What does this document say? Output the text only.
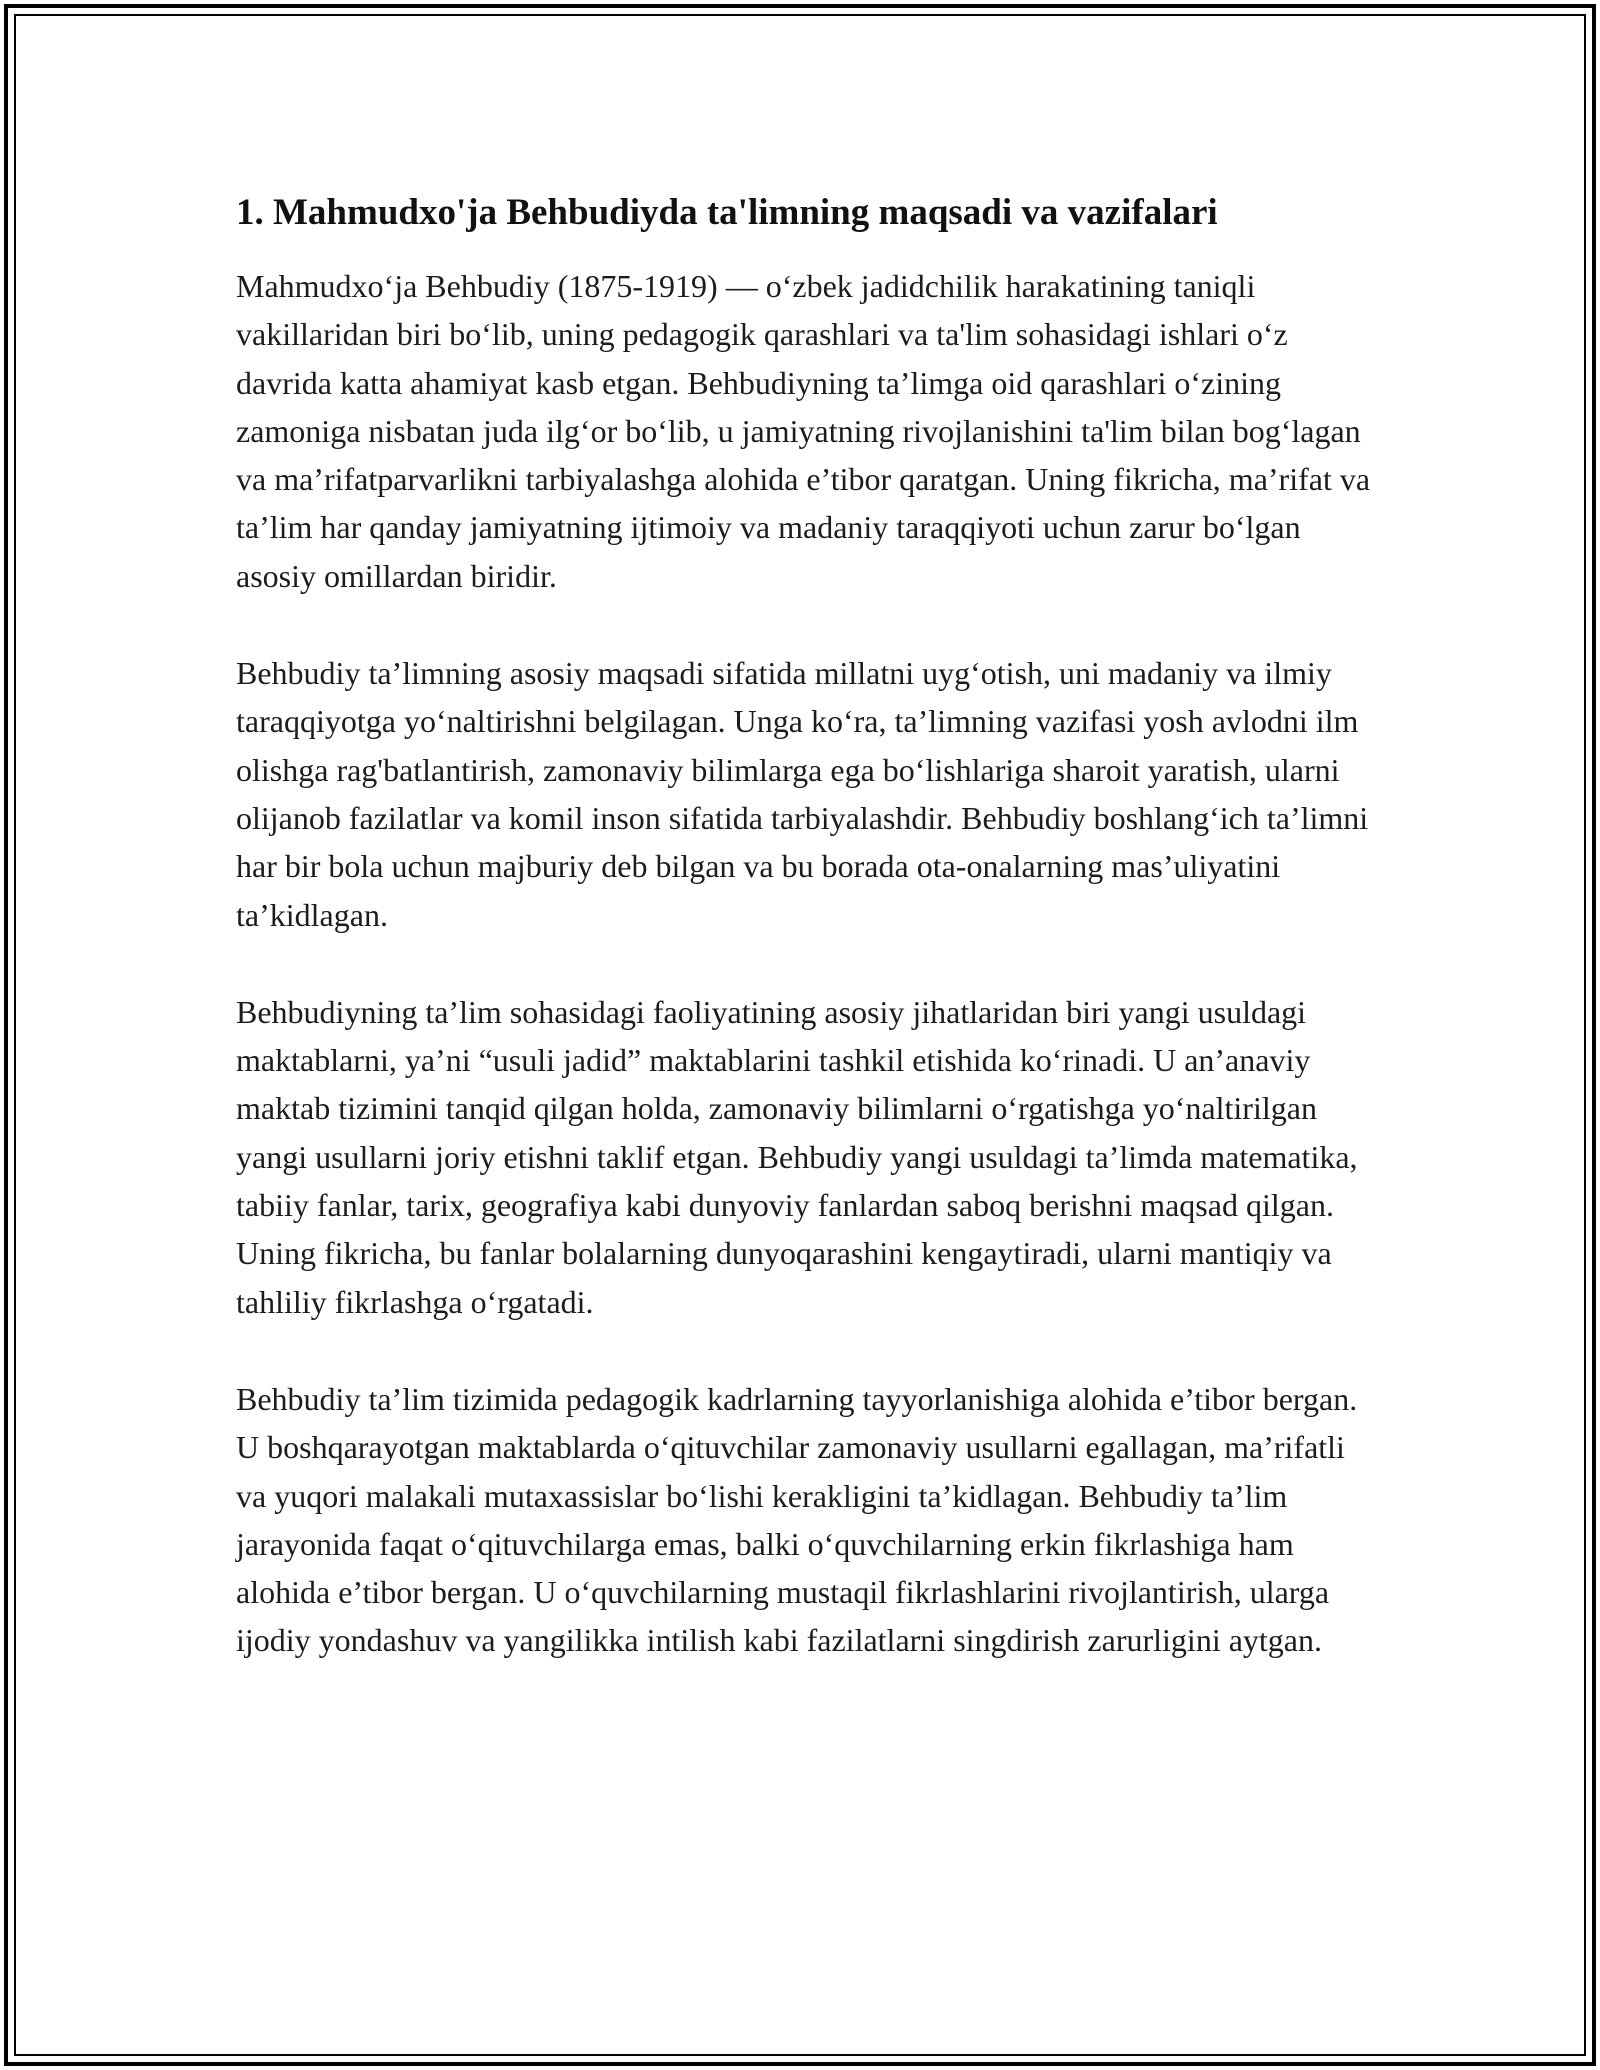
1. Mahmudxo'ja Behbudiyda ta'limning maqsadi va vazifalari

Mahmudxo‘ja Behbudiy (1875-1919) — o‘zbek jadidchilik harakatining taniqli vakillaridan biri bo‘lib, uning pedagogik qarashlari va ta'lim sohasidagi ishlari o‘z davrida katta ahamiyat kasb etgan. Behbudiyning ta’limga oid qarashlari o‘zining zamoniga nisbatan juda ilg‘or bo‘lib, u jamiyatning rivojlanishini ta'lim bilan bog‘lagan va ma’rifatparvarlikni tarbiyalashga alohida e’tibor qaratgan. Uning fikricha, ma’rifat va ta’lim har qanday jamiyatning ijtimoiy va madaniy taraqqiyoti uchun zarur bo‘lgan asosiy omillardan biridir.

Behbudiy ta’limning asosiy maqsadi sifatida millatni uyg‘otish, uni madaniy va ilmiy taraqqiyotga yo‘naltirishni belgilagan. Unga ko‘ra, ta’limning vazifasi yosh avlodni ilm olishga rag'batlantirish, zamonaviy bilimlarga ega bo‘lishlariga sharoit yaratish, ularni olijanob fazilatlar va komil inson sifatida tarbiyalashdir. Behbudiy boshlang‘ich ta’limni har bir bola uchun majburiy deb bilgan va bu borada ota-onalarning mas’uliyatini ta’kidlagan.

Behbudiyning ta’lim sohasidagi faoliyatining asosiy jihatlaridan biri yangi usuldagi maktablarni, ya’ni “usuli jadid” maktablarini tashkil etishida ko‘rinadi. U an’anaviy maktab tizimini tanqid qilgan holda, zamonaviy bilimlarni o‘rgatishga yo‘naltirilgan yangi usullarni joriy etishni taklif etgan. Behbudiy yangi usuldagi ta’limda matematika, tabiiy fanlar, tarix, geografiya kabi dunyoviy fanlardan saboq berishni maqsad qilgan. Uning fikricha, bu fanlar bolalarning dunyoqarashini kengaytiradi, ularni mantiqiy va tahliliy fikrlashga o‘rgatadi.

Behbudiy ta’lim tizimida pedagogik kadrlarning tayyorlanishiga alohida e’tibor bergan. U boshqarayotgan maktablarda o‘qituvchilar zamonaviy usullarni egallagan, ma’rifatli va yuqori malakali mutaxassislar bo‘lishi kerakligini ta’kidlagan. Behbudiy ta’lim jarayonida faqat o‘qituvchilarga emas, balki o‘quvchilarning erkin fikrlashiga ham alohida e’tibor bergan. U o‘quvchilarning mustaqil fikrlashlarini rivojlantirish, ularga ijodiy yondashuv va yangilikka intilish kabi fazilatlarni singdirish zarurligini aytgan.
